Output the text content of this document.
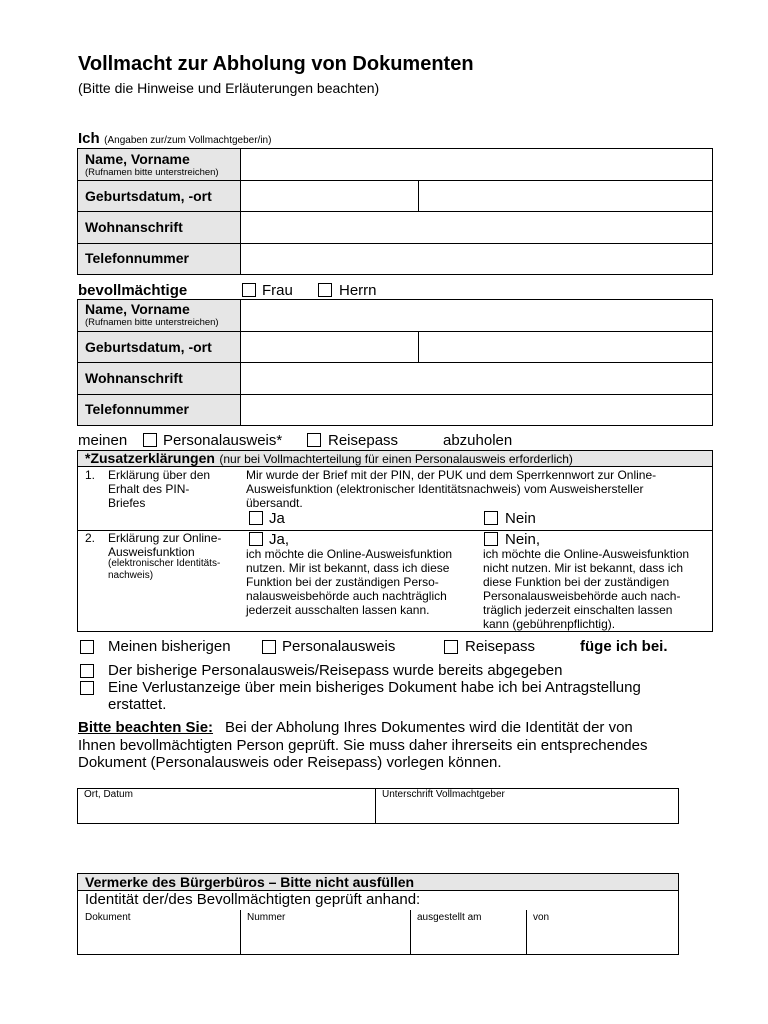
Vollmacht zur Abholung von Dokumenten
(Bitte die Hinweise und Erläuterungen beachten)
Ich (Angaben zur/zum Vollmachtgeber/in)
Name, Vorname
(Rufnamen bitte unterstreichen)
Geburtsdatum, -ort
Wohnanschrift
Telefonnummer
bevollmächtige	Frau	Herrn
Name, Vorname
(Rufnamen bitte unterstreichen)
Geburtsdatum, -ort
Wohnanschrift
Telefonnummer
meinen Personalausweis*	Reisepass	abzuholen
*Zusatzerklärungen (nur bei Vollmachterteilung für einen Personalausweis erforderlich)
1. Erklärung über den
Erhalt des PIN-
Briefes
Mir wurde der Brief mit der PIN, der PUK und dem Sperrkennwort zur Online-
Ausweisfunktion (elektronischer Identitätsnachweis) vom Ausweishersteller
übersandt.
Ja	Nein
2. Erklärung zur Online-
Ausweisfunktion
(elektronischer Identitäts-
nachweis)
Ja,
ich möchte die Online-Ausweisfunktion
nutzen. Mir ist bekannt, dass ich diese
Funktion bei der zuständigen Perso-
nalausweisbehörde auch nachträglich
jederzeit ausschalten lassen kann.
Nein,
ich möchte die Online-Ausweisfunktion
nicht nutzen. Mir ist bekannt, dass ich
diese Funktion bei der zuständigen
Personalausweisbehörde auch nach-
träglich jederzeit einschalten lassen
kann (gebührenpflichtig).
Meinen bisherigen	Personalausweis	Reisepass	füge ich bei.
Der bisherige Personalausweis/Reisepass wurde bereits abgegeben
Eine Verlustanzeige über mein bisheriges Dokument habe ich bei Antragstellung
erstattet.
Bitte beachten Sie: Bei der Abholung Ihres Dokumentes wird die Identität der von
Ihnen bevollmächtigten Person geprüft. Sie muss daher ihrerseits ein entsprechendes
Dokument (Personalausweis oder Reisepass) vorlegen können.
Ort, Datum	Unterschrift Vollmachtgeber
Vermerke des Bürgerbüros – Bitte nicht ausfüllen
Identität der/des Bevollmächtigten geprüft anhand:
Dokument	Nummer	ausgestellt am	von
